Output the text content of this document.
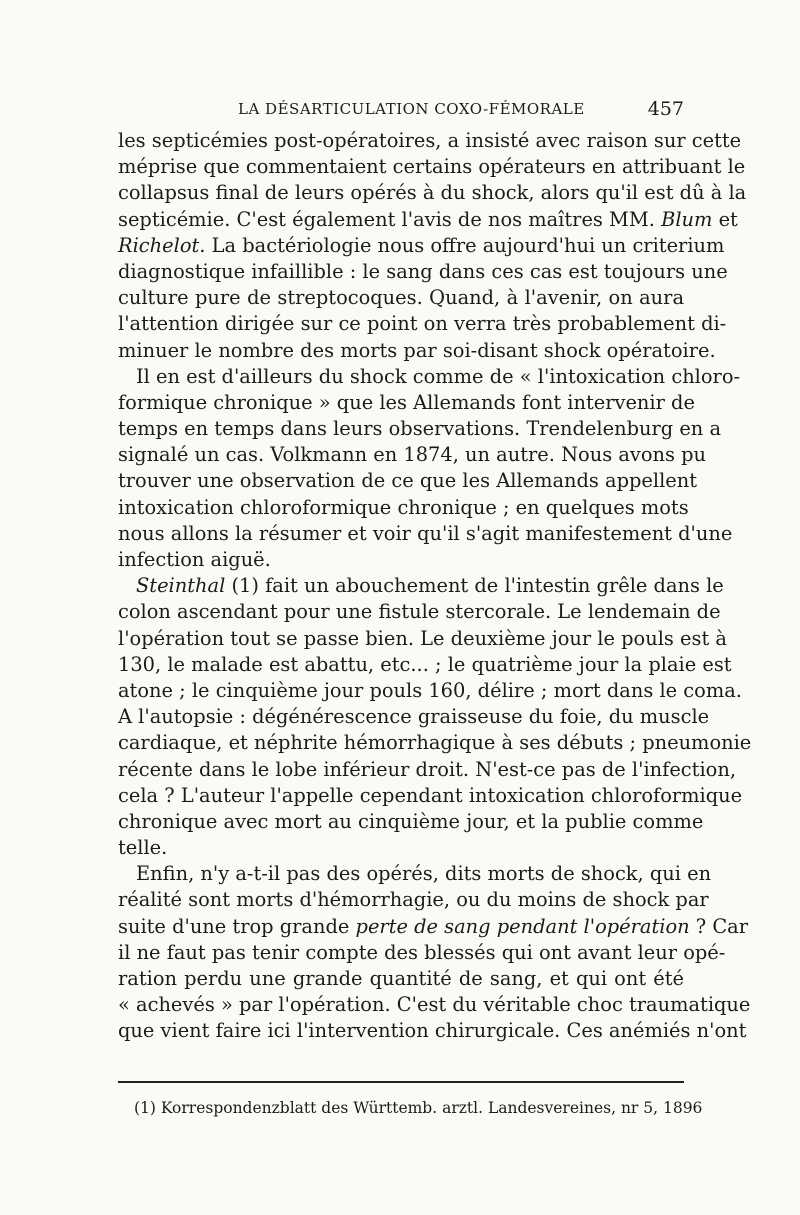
LA DÉSARTICULATION COXO-FÉMORALE	457
les septicémies post-opératoires, a insisté avec raison sur cette
méprise que commentaient certains opérateurs en attribuant le
collapsus final de leurs opérés à du shock, alors qu'il est dû à la
septicémie. C'est également l'avis de nos maîtres MM. Blum et
Richelot. La bactériologie nous offre aujourd'hui un criterium
diagnostique infaillible : le sang dans ces cas est toujours une
culture pure de streptocoques. Quand, à l'avenir, on aura
l'attention dirigée sur ce point on verra très probablement di-
minuer le nombre des morts par soi-disant shock opératoire.
Il en est d'ailleurs du shock comme de « l'intoxication chloro-
formique chronique » que les Allemands font intervenir de
temps en temps dans leurs observations. Trendelenburg en a
signalé un cas. Volkmann en 1874, un autre. Nous avons pu
trouver une observation de ce que les Allemands appellent
intoxication chloroformique chronique ; en quelques mots
nous allons la résumer et voir qu'il s'agit manifestement d'une
infection aiguë.
Steinthal (1) fait un abouchement de l'intestin grêle dans le
colon ascendant pour une fistule stercorale. Le lendemain de
l'opération tout se passe bien. Le deuxième jour le pouls est à
130, le malade est abattu, etc... ; le quatrième jour la plaie est
atone ; le cinquième jour pouls 160, délire ; mort dans le coma.
A l'autopsie : dégénérescence graisseuse du foie, du muscle
cardiaque, et néphrite hémorrhagique à ses débuts ; pneumonie
récente dans le lobe inférieur droit. N'est-ce pas de l'infection,
cela ? L'auteur l'appelle cependant intoxication chloroformique
chronique avec mort au cinquième jour, et la publie comme
telle.
Enfin, n'y a-t-il pas des opérés, dits morts de shock, qui en
réalité sont morts d'hémorrhagie, ou du moins de shock par
suite d'une trop grande perte de sang pendant l'opération ? Car
il ne faut pas tenir compte des blessés qui ont avant leur opé-
ration perdu une grande quantité de sang, et qui ont été
« achevés » par l'opération. C'est du véritable choc traumatique
que vient faire ici l'intervention chirurgicale. Ces anémiés n'ont
(1) Korrespondenzblatt des Württemb. arztl. Landesvereines, nr 5, 1896
